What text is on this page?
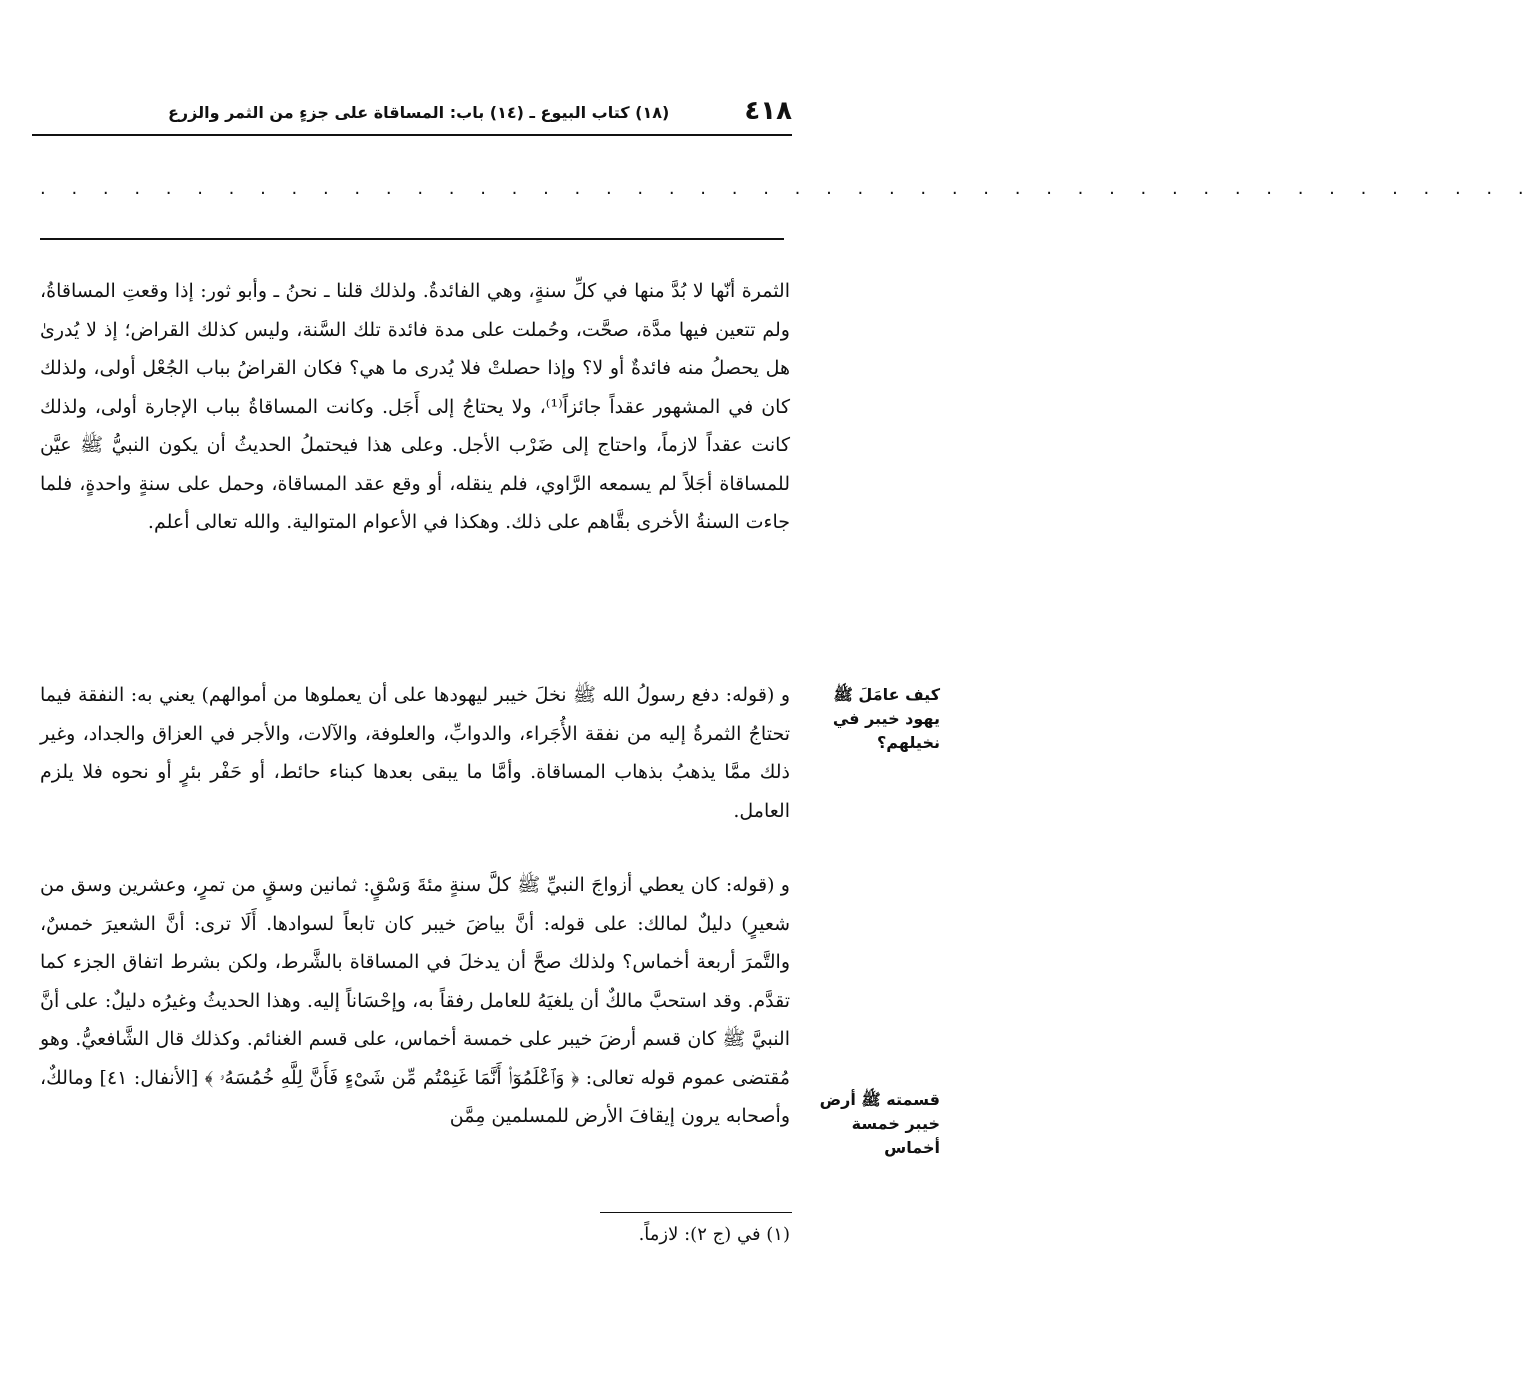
٤١٨
(١٨) كتاب البيوع ـ (١٤) باب: المساقاة على جزءٍ من الثمر والزرع
. . . . . . . . . . . . . . . . . . . . . . . . . . . . . . . . . . . . . . . . . . . . . . . .
الثمرة أنّها لا بُدَّ منها في كلِّ سنةٍ، وهي الفائدةُ. ولذلك قلنا ـ نحنُ ـ وأبو ثور: إذا وقعتِ المساقاةُ، ولم تتعين فيها مدَّة، صحَّت، وحُملت على مدة فائدة تلك السَّنة، وليس كذلك القراض؛ إذ لا يُدرىٰ هل يحصلُ منه فائدةٌ أو لا؟ وإذا حصلتْ فلا يُدرى ما هي؟ فكان القراضُ بباب الجُعْل أولى، ولذلك كان في المشهور عقداً جائزاً⁽¹⁾، ولا يحتاجُ إلى أَجَل. وكانت المساقاةُ بباب الإجارة أولى، ولذلك كانت عقداً لازماً، واحتاج إلى ضَرْب الأجل. وعلى هذا فيحتملُ الحديثُ أن يكون النبيُّ ﷺ عيَّن للمساقاة أجَلاً لم يسمعه الرَّاوي، فلم ينقله، أو وقع عقد المساقاة، وحمل على سنةٍ واحدةٍ، فلما جاءت السنةُ الأخرى بقَّاهم على ذلك. وهكذا في الأعوام المتوالية. والله تعالى أعلم.
كيف عامَلَ ﷺ يهود خيبر في نخيلهم؟
و (قوله: دفع رسولُ الله ﷺ نخلَ خيبر ليهودها على أن يعملوها من أموالهم) يعني به: النفقة فيما تحتاجُ الثمرةُ إليه من نفقة الأُجَراء، والدوابِّ، والعلوفة، والآلات، والأجر في العزاق والجداد، وغير ذلك ممَّا يذهبُ بذهاب المساقاة. وأمَّا ما يبقى بعدها كبناء حائط، أو حَفْر بئرٍ أو نحوه فلا يلزم العامل.
و (قوله: كان يعطي أزواجَ النبيِّ ﷺ كلَّ سنةٍ مئةَ وَسْقٍ: ثمانين وسقٍ من تمرٍ، وعشرين وسق من شعيرٍ) دليلٌ لمالك: على قوله: أنَّ بياضَ خيبر كان تابعاً لسوادها. أَلَا ترى: أنَّ الشعيرَ خمسٌ، والتَّمرَ أربعة أخماس؟ ولذلك صحَّ أن يدخلَ في المساقاة بالشَّرط، ولكن بشرط اتفاق الجزء كما تقدَّم. وقد استحبَّ مالكٌ أن يلغيَهُ للعامل رفقاً به، وإحْسَاناً إليه. وهذا الحديثُ وغيرُه دليلٌ: على أنَّ النبيَّ ﷺ كان قسم أرضَ خيبر على خمسة أخماس، على قسم الغنائم. وكذلك قال الشَّافعيُّ. وهو مُقتضى عموم قوله تعالى: ﴿ وَٱعْلَمُوٓا۟ أَنَّمَا غَنِمْتُم مِّن شَىْءٍ فَأَنَّ لِلَّهِ خُمُسَهُۥ ﴾ [الأنفال: ٤١] ومالكٌ، وأصحابه يرون إيقافَ الأرض للمسلمين مِمَّن
قسمته ﷺ أرض خيبر خمسة أخماس
(١) في (ج ٢): لازماً.
